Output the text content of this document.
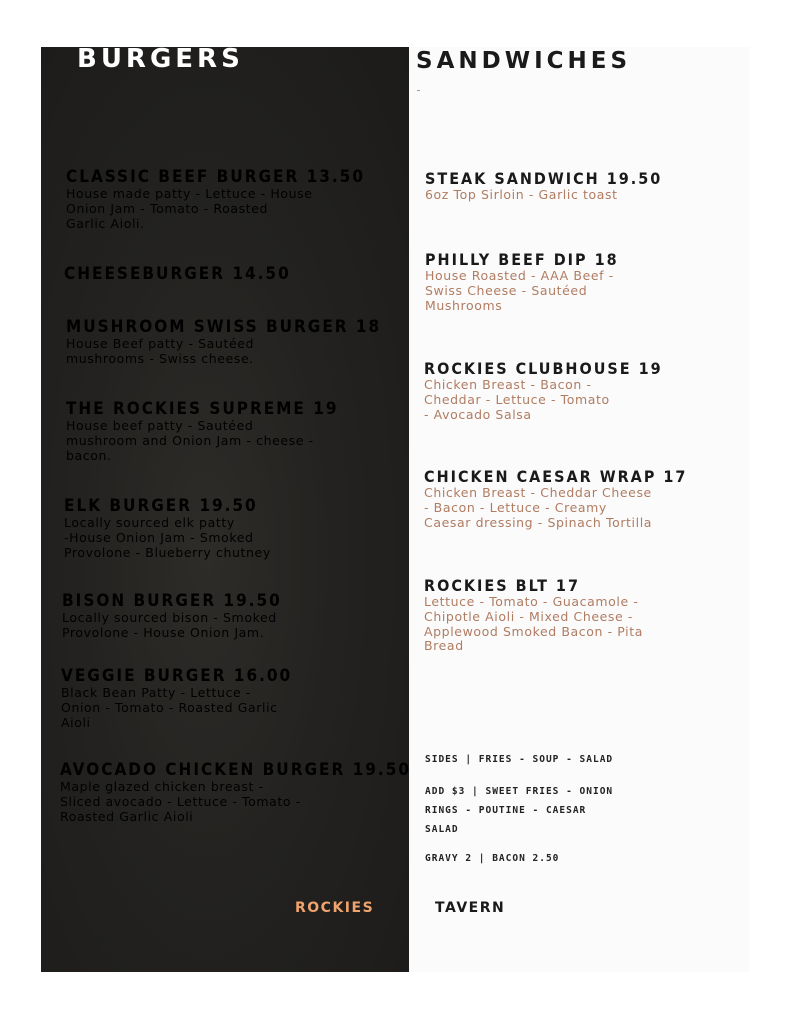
BURGERS	SANDWICHES
CLASSIC BEEF BURGER 13.50
House made patty - Lettuce - House
Onion Jam - Tomato - Roasted
Garlic Aioli.
CHEESEBURGER 14.50
MUSHROOM SWISS BURGER 18
House Beef patty - Sautéed
mushrooms - Swiss cheese.
THE ROCKIES SUPREME 19
House beef patty - Sautéed
mushroom and Onion Jam - cheese -
bacon.
ELK BURGER 19.50
Locally sourced elk patty
-House Onion Jam - Smoked
Provolone - Blueberry chutney
BISON BURGER 19.50
Locally sourced bison - Smoked
Provolone - House Onion Jam.
VEGGIE BURGER 16.00
Black Bean Patty - Lettuce -
Onion - Tomato - Roasted Garlic
Aioli
AVOCADO CHICKEN BURGER 19.50
Maple glazed chicken breast -
Sliced avocado - Lettuce - Tomato -
Roasted Garlic Aioli
STEAK SANDWICH 19.50
6oz Top Sirloin - Garlic toast
PHILLY BEEF DIP 18
House Roasted - AAA Beef -
Swiss Cheese - Sautéed
Mushrooms
ROCKIES CLUBHOUSE 19
Chicken Breast - Bacon -
Cheddar - Lettuce - Tomato
- Avocado Salsa
CHICKEN CAESAR WRAP 17
Chicken Breast - Cheddar Cheese
- Bacon - Lettuce - Creamy
Caesar dressing - Spinach Tortilla
ROCKIES BLT 17
Lettuce - Tomato - Guacamole -
Chipotle Aioli - Mixed Cheese -
Applewood Smoked Bacon - Pita
Bread
SIDES | FRIES - SOUP - SALAD
ADD $3 | SWEET FRIES - ONION
RINGS - POUTINE - CAESAR
SALAD
GRAVY 2 | BACON 2.50
ROCKIES	TAVERN
